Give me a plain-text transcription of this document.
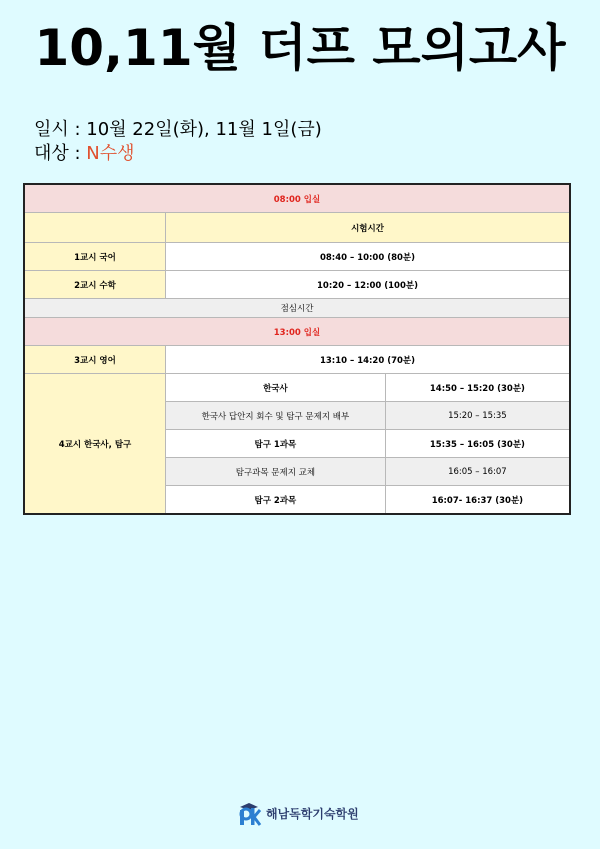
10,11월 더프 모의고사
일시 : 10월 22일(화), 11월 1일(금)
대상 : N수생
08:00 입실		
	시험시간	
1교시 국어	08:40 – 10:00 (80분)	
2교시 수학	10:20 – 12:00 (100분)	
점심시간		
13:00 입실		
3교시 영어	13:10 – 14:20 (70분)	
4교시 한국사, 탐구	한국사	14:50 – 15:20 (30분)
	한국사 답안지 회수 및 탐구 문제지 배부	15:20 – 15:35
	탐구 1과목	15:35 – 16:05 (30분)
	탐구과목 문제지 교체	16:05 – 16:07
	탐구 2과목	16:07- 16:37 (30분)
해남독학기숙학원
